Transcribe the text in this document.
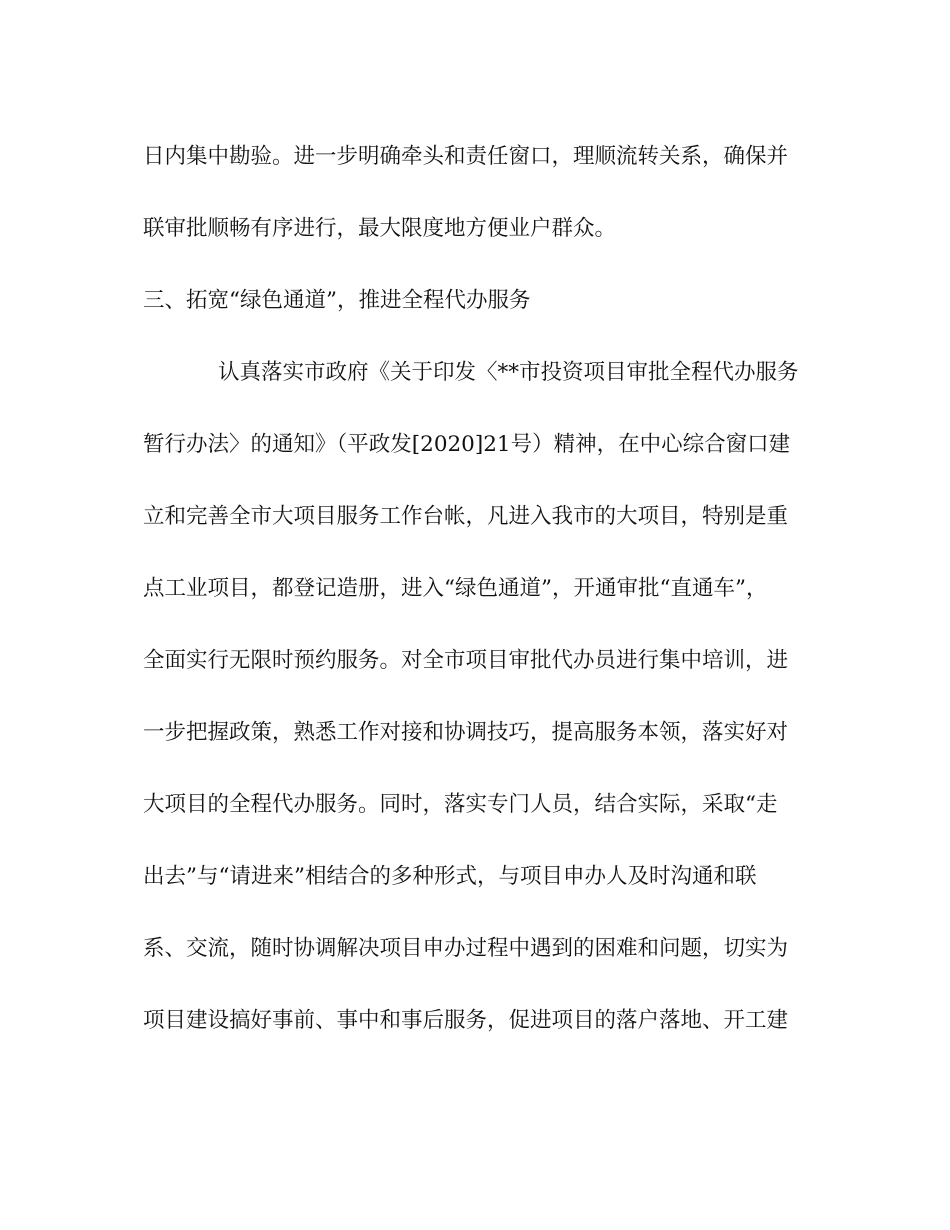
日内集中勘验。进一步明确牵头和责任窗口，理顺流转关系，确保并
联审批顺畅有序进行，最大限度地方便业户群众。
三、拓宽“绿色通道”，推进全程代办服务
认真落实市政府《关于印发〈**市投资项目审批全程代办服务
暂行办法〉的通知》（平政发[2020]21号）精神，在中心综合窗口建
立和完善全市大项目服务工作台帐，凡进入我市的大项目，特别是重
点工业项目，都登记造册，进入“绿色通道”，开通审批“直通车”，
全面实行无限时预约服务。对全市项目审批代办员进行集中培训，进
一步把握政策，熟悉工作对接和协调技巧，提高服务本领，落实好对
大项目的全程代办服务。同时，落实专门人员，结合实际，采取“走
出去”与“请进来”相结合的多种形式，与项目申办人及时沟通和联
系、交流，随时协调解决项目申办过程中遇到的困难和问题，切实为
项目建设搞好事前、事中和事后服务，促进项目的落户落地、开工建
